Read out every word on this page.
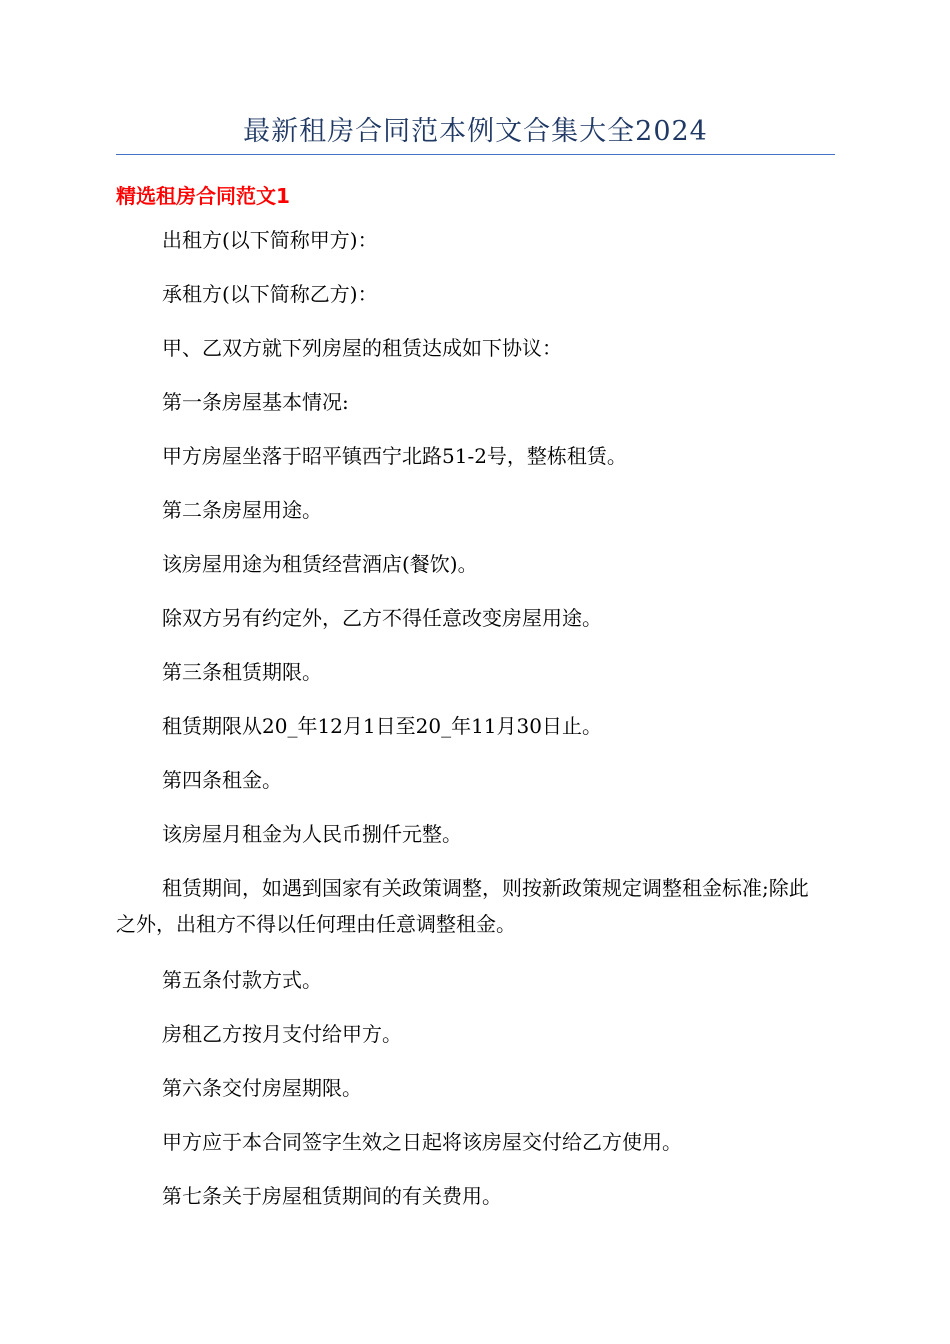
最新租房合同范本例文合集大全2024
精选租房合同范文1

出租方(以下简称甲方)：

承租方(以下简称乙方)：

甲、乙双方就下列房屋的租赁达成如下协议：

第一条房屋基本情况:

甲方房屋坐落于昭平镇西宁北路51-2号，整栋租赁。

第二条房屋用途。

该房屋用途为租赁经营酒店(餐饮)。

除双方另有约定外，乙方不得任意改变房屋用途。

第三条租赁期限。

租赁期限从20_年12月1日至20_年11月30日止。

第四条租金。

该房屋月租金为人民币捌仟元整。

租赁期间，如遇到国家有关政策调整，则按新政策规定调整租金标准;除此之外，出租方不得以任何理由任意调整租金。

第五条付款方式。

房租乙方按月支付给甲方。

第六条交付房屋期限。

甲方应于本合同签字生效之日起将该房屋交付给乙方使用。

第七条关于房屋租赁期间的有关费用。
